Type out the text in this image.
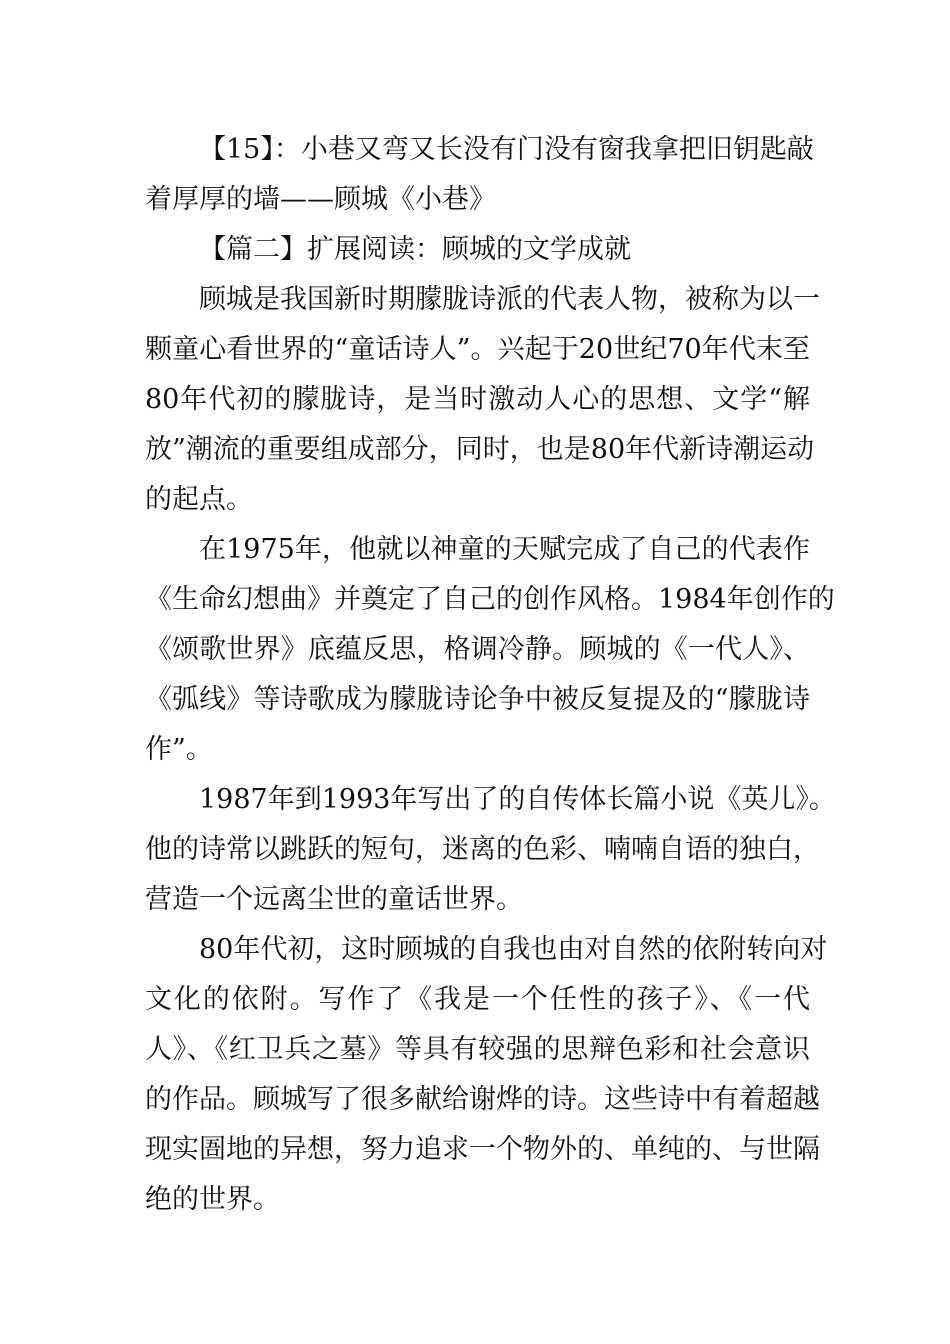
【15】：小巷又弯又长没有门没有窗我拿把旧钥匙敲
着厚厚的墙——顾城《小巷》
【篇二】扩展阅读：顾城的文学成就
顾城是我国新时期朦胧诗派的代表人物，被称为以一
颗童心看世界的“童话诗人”。兴起于20世纪70年代末至
80年代初的朦胧诗，是当时激动人心的思想、文学“解
放”潮流的重要组成部分，同时，也是80年代新诗潮运动
的起点。
在1975年，他就以神童的天赋完成了自己的代表作
《生命幻想曲》并奠定了自己的创作风格。1984年创作的
《颂歌世界》底蕴反思，格调冷静。顾城的《一代人》、
《弧线》等诗歌成为朦胧诗论争中被反复提及的“朦胧诗
作”。
1987年到1993年写出了的自传体长篇小说《英儿》。
他的诗常以跳跃的短句，迷离的色彩、喃喃自语的独白，
营造一个远离尘世的童话世界。
80年代初，这时顾城的自我也由对自然的依附转向对
文化的依附。写作了《我是一个任性的孩子》、《一代
人》、《红卫兵之墓》等具有较强的思辩色彩和社会意识
的作品。顾城写了很多献给谢烨的诗。这些诗中有着超越
现实圄地的异想，努力追求一个物外的、单纯的、与世隔
绝的世界。
